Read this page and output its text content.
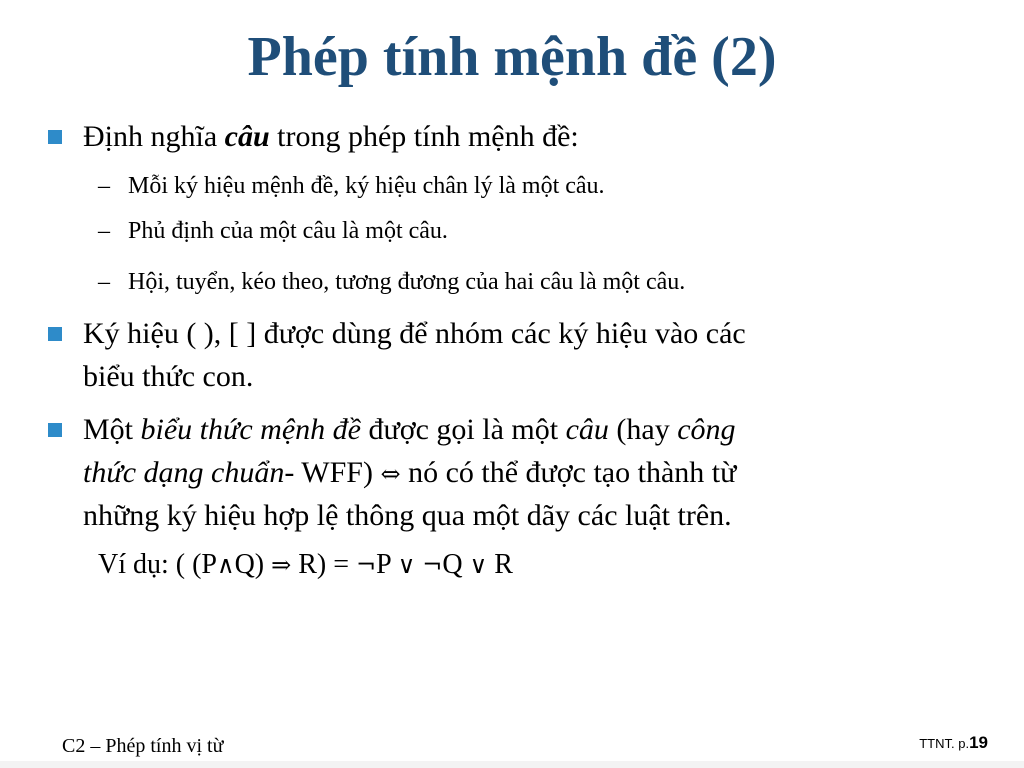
Phép tính mệnh đề (2)
Định nghĩa câu trong phép tính mệnh đề:
– Mỗi ký hiệu mệnh đề, ký hiệu chân lý là một câu.
– Phủ định của một câu là một câu.
– Hội, tuyển, kéo theo, tương đương của hai câu là một câu.
Ký hiệu ( ), [ ] được dùng để nhóm các ký hiệu vào các
biểu thức con.
Một biểu thức mệnh đề được gọi là một câu (hay công
thức dạng chuẩn- WFF) ⇔ nó có thể được tạo thành từ
những ký hiệu hợp lệ thông qua một dãy các luật trên.
Ví dụ: ( (P∧Q) ⇒ R) = ¬P ∨ ¬Q ∨ R
C2 – Phép tính vị từ	TTNT. p.19
